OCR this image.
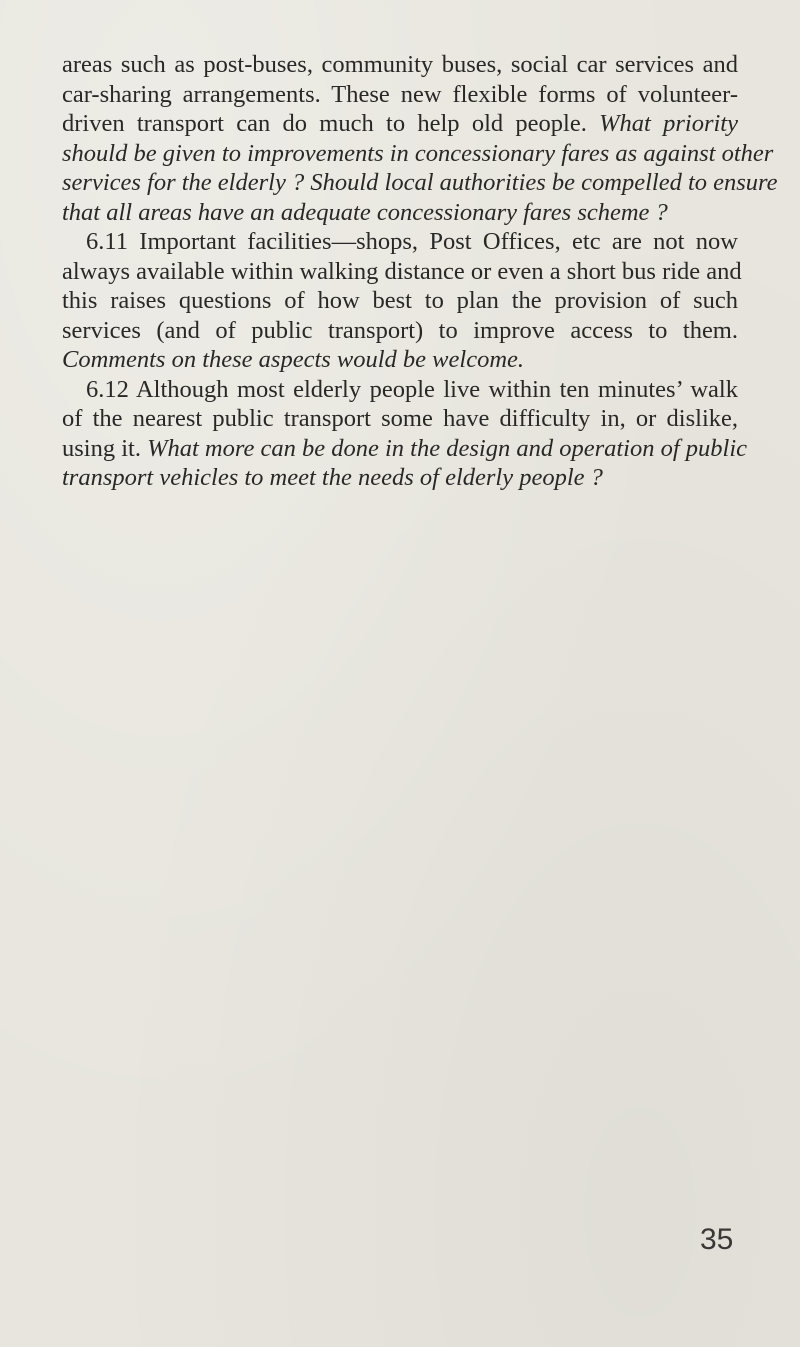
areas such as post-buses, community buses, social car services and
car-sharing arrangements. These new flexible forms of volunteer-
driven transport can do much to help old people. What priority
should be given to improvements in concessionary fares as against other
services for the elderly ? Should local authorities be compelled to ensure
that all areas have an adequate concessionary fares scheme ?
6.11 Important facilities—shops, Post Offices, etc are not now
always available within walking distance or even a short bus ride and
this raises questions of how best to plan the provision of such
services (and of public transport) to improve access to them.
Comments on these aspects would be welcome.
6.12 Although most elderly people live within ten minutes’ walk
of the nearest public transport some have difficulty in, or dislike,
using it. What more can be done in the design and operation of public
transport vehicles to meet the needs of elderly people ?
35
